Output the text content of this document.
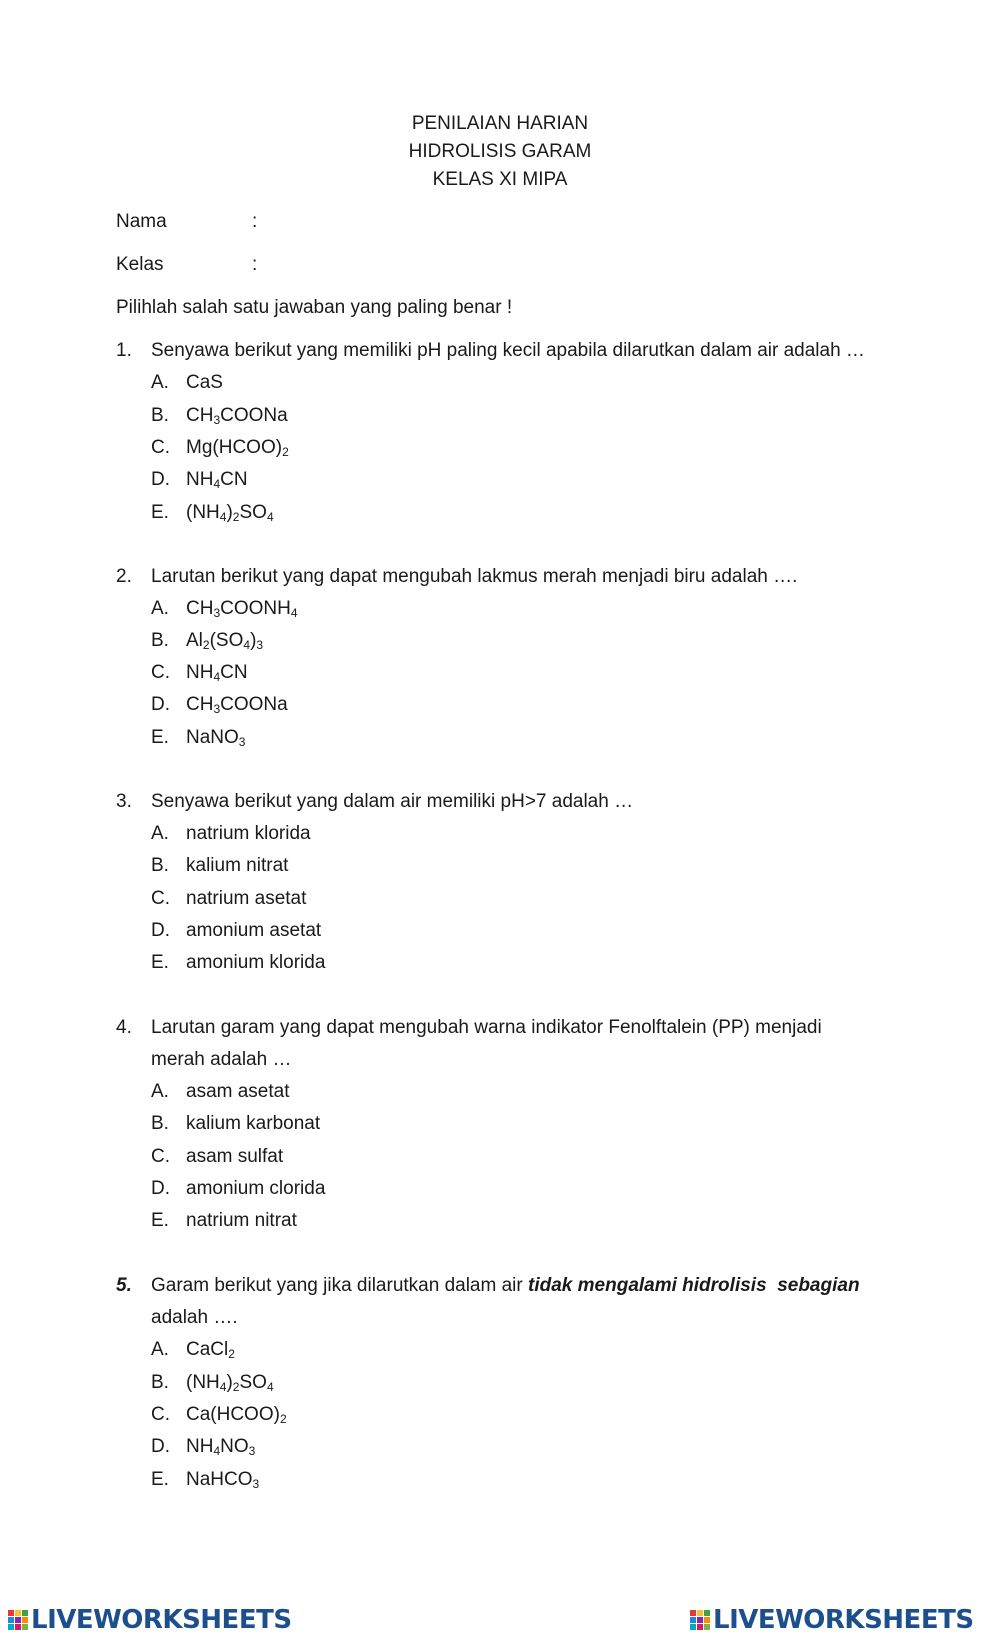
PENILAIAN HARIAN
HIDROLISIS GARAM
KELAS XI MIPA
Nama	:
Kelas	:
Pilihlah salah satu jawaban yang paling benar !
1. Senyawa berikut yang memiliki pH paling kecil apabila dilarutkan dalam air adalah …
A. CaS
B. $CH_3COONa$
C. $Mg(HCOO)_2$
D. $NH_4CN$
E. $(NH_4)_2SO_4$
2. Larutan berikut yang dapat mengubah lakmus merah menjadi biru adalah ….
A. $CH_3COONH_4$
B. $Al_2(SO_4)_3$
C. $NH_4CN$
D. $CH_3COONa$
E. NaNO$_3$
3. Senyawa berikut yang dalam air memiliki pH>7 adalah …
A. natrium klorida
B. kalium nitrat
C. natrium asetat
D. amonium asetat
E. amonium klorida
4. Larutan garam yang dapat mengubah warna indikator Fenolftalein (PP) menjadi
merah adalah …
A. asam asetat
B. kalium karbonat
C. asam sulfat
D. amonium clorida
E. natrium nitrat
5. Garam berikut yang jika dilarutkan dalam air tidak mengalami hidrolisis  sebagian
adalah ….
A. CaCl$_2$
B. $(NH_4)_2SO_4$
C. $Ca(HCOO)_2$
D. $NH_4NO_3$
E. NaHCO$_3$
LIVEWORKSHEETS	LIVEWORKSHEETS
